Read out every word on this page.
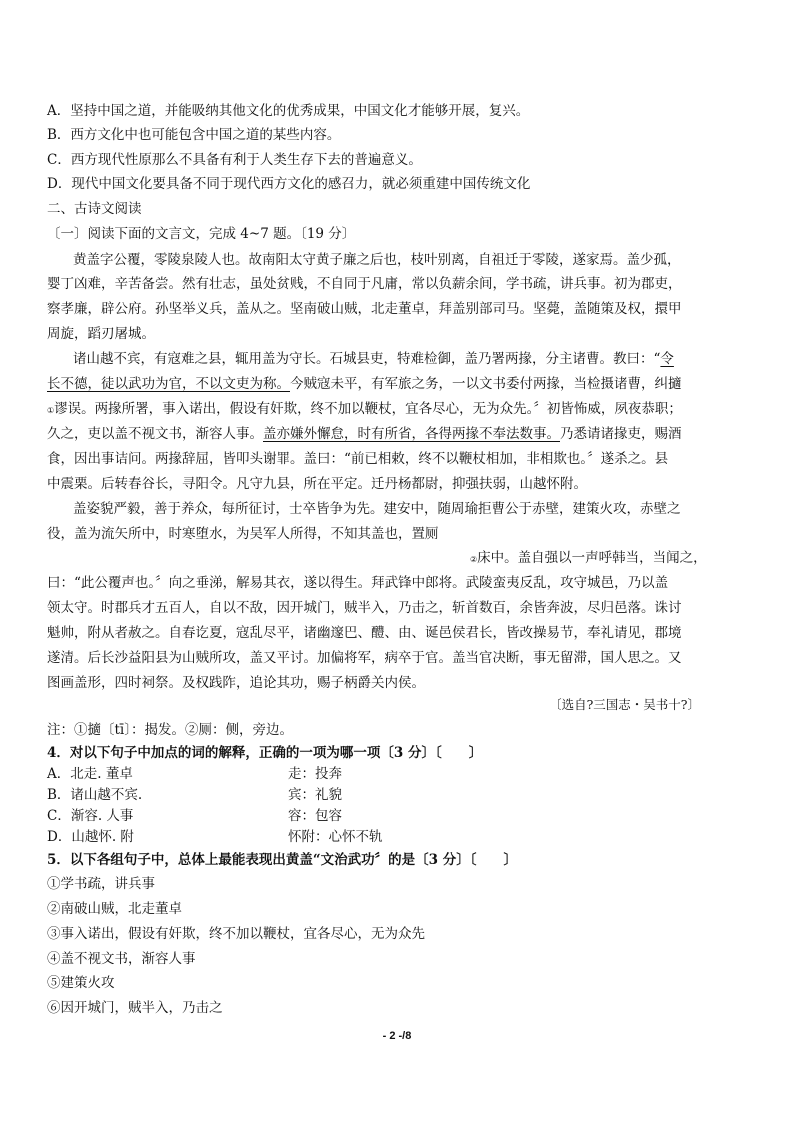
A．坚持中国之道，并能吸纳其他文化的优秀成果，中国文化才能够开展，复兴。
B．西方文化中也可能包含中国之道的某些内容。
C．西方现代性原那么不具备有利于人类生存下去的普遍意义。
D．现代中国文化要具备不同于现代西方文化的感召力，就必须重建中国传统文化
二、古诗文阅读
〔一〕阅读下面的文言文，完成 4~7 题。〔19 分〕
黄盖字公覆，零陵泉陵人也。故南阳太守黄子廉之后也，枝叶别离，自祖迁于零陵，遂家焉。盖少孤，
婴丁凶难，辛苦备尝。然有壮志，虽处贫贱，不自同于凡庸，常以负薪余间，学书疏，讲兵事。初为郡吏，
察孝廉，辟公府。孙坚举义兵，盖从之。坚南破山贼，北走董卓，拜盖别部司马。坚薨，盖随策及权，擐甲
周旋，蹈刃屠城。
诸山越不宾，有寇难之县，辄用盖为守长。石城县吏，特难检御，盖乃署两掾，分主诸曹。教曰：“令
长不德，徒以武功为官，不以文吏为称。今贼寇未平，有军旅之务，一以文书委付两掾，当检摄诸曹，纠擿
①谬误。两掾所署，事入诺出，假设有奸欺，终不加以鞭杖，宜各尽心，无为众先。〞初皆怖威，夙夜恭职；
久之，吏以盖不视文书，渐容人事。盖亦嫌外懈怠，时有所省，各得两掾不奉法数事。乃悉请诸掾吏，赐酒
食，因出事诘问。两掾辞屈，皆叩头谢罪。盖曰：“前已相敕，终不以鞭杖相加，非相欺也。〞遂杀之。县
中震栗。后转春谷长，寻阳令。凡守九县，所在平定。迁丹杨都尉，抑强扶弱，山越怀附。
盖姿貌严毅，善于养众，每所征讨，士卒皆争为先。建安中，随周瑜拒曹公于赤壁，建策火攻，赤壁之
役，盖为流矢所中，时寒堕水，为吴军人所得，不知其盖也，置厕
②床中。盖自强以一声呼韩当，当闻之，
曰：“此公覆声也。〞向之垂涕，解易其衣，遂以得生。拜武锋中郎将。武陵蛮夷反乱，攻守城邑，乃以盖
领太守。时郡兵才五百人，自以不敌，因开城门，贼半入，乃击之，斩首数百，余皆奔波，尽归邑落。诛讨
魁帅，附从者赦之。自春讫夏，寇乱尽平，诸幽邃巴、醴、由、诞邑侯君长，皆改操易节，奉礼请见，郡境
遂清。后长沙益阳县为山贼所攻，盖又平讨。加偏将军，病卒于官。盖当官决断，事无留滞，国人思之。又
图画盖形，四时祠祭。及权践阼，追论其功，赐子柄爵关内侯。
〔选自?三国志・吴书十?〕
注：①擿〔tī〕：揭发。②厕：侧，旁边。
4．对以下句子中加点的词的解释，正确的一项为哪一项〔3 分〕〔　　〕
A．北走. 董卓	走：投奔
B．诸山越不宾.	宾：礼貌
C．渐容. 人事	容：包容
D．山越怀. 附	怀附：心怀不轨
5．以下各组句子中，总体上最能表现出黄盖“文治武功〞的是〔3 分〕〔　　〕
①学书疏，讲兵事
②南破山贼，北走董卓
③事入诺出，假设有奸欺，终不加以鞭杖，宜各尽心，无为众先
④盖不视文书，渐容人事
⑤建策火攻
⑥因开城门，贼半入，乃击之
- 2 -/8
